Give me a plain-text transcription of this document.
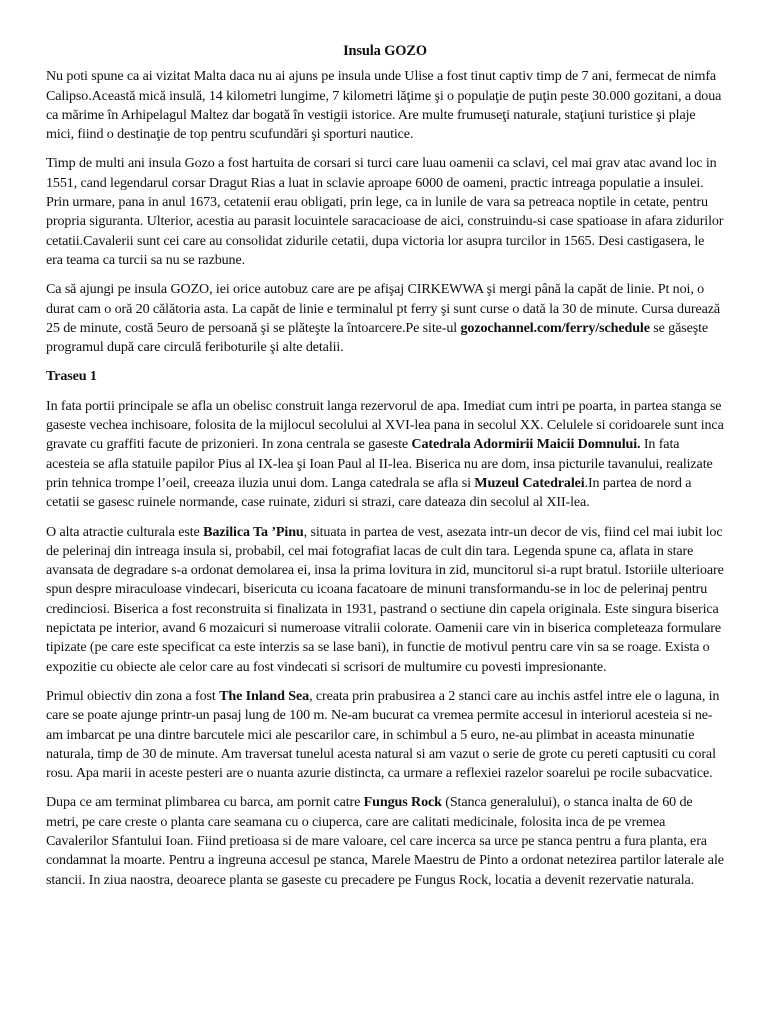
Insula GOZO

Nu poti spune ca ai vizitat Malta daca nu ai ajuns pe insula unde Ulise a fost tinut captiv timp de 7 ani, fermecat de nimfa Calipso.Această mică insulă, 14 kilometri lungime, 7 kilometri lăţime şi o populaţie de puţin peste 30.000 gozitani, a doua ca mărime în Arhipelagul Maltez dar bogată în vestigii istorice. Are multe frumuseţi naturale, staţiuni turistice şi plaje mici, fiind o destinaţie de top pentru scufundări şi sporturi nautice.

Timp de multi ani insula Gozo a fost hartuita de corsari si turci care luau oamenii ca sclavi, cel mai grav atac avand loc in 1551, cand legendarul corsar Dragut Rias a luat in sclavie aproape 6000 de oameni, practic intreaga populatie a insulei. Prin urmare, pana in anul 1673, cetatenii erau obligati, prin lege, ca in lunile de vara sa petreaca noptile in cetate, pentru propria siguranta. Ulterior, acestia au parasit locuintele saracacioase de aici, construindu-si case spatioase in afara zidurilor cetatii.Cavalerii sunt cei care au consolidat zidurile cetatii, dupa victoria lor asupra turcilor in 1565. Desi castigasera, le era teama ca turcii sa nu se razbune.

Ca să ajungi pe insula GOZO, iei orice autobuz care are pe afişaj CIRKEWWA şi mergi până la capăt de linie. Pt noi, o durat cam o oră 20 călătoria asta. La capăt de linie e terminalul pt ferry şi sunt curse o dată la 30 de minute. Cursa durează 25 de minute, costă 5euro de persoană şi se plăteşte la întoarcere.Pe site-ul gozochannel.com/ferry/schedule se găseşte programul după care circulă feriboturile şi alte detalii.

Traseu 1

In fata portii principale se afla un obelisc construit langa rezervorul de apa. Imediat cum intri pe poarta, in partea stanga se gaseste vechea inchisoare, folosita de la mijlocul secolului al XVI-lea pana in secolul XX. Celulele si coridoarele sunt inca gravate cu graffiti facute de prizonieri. In zona centrala se gaseste Catedrala Adormirii Maicii Domnului. In fata acesteia se afla statuile papilor Pius al IX-lea şi Ioan Paul al II-lea. Biserica nu are dom, insa picturile tavanului, realizate prin tehnica trompe l’oeil, creeaza iluzia unui dom. Langa catedrala se afla si Muzeul Catedralei.In partea de nord a cetatii se gasesc ruinele normande, case ruinate, ziduri si strazi, care dateaza din secolul al XII-lea.

O alta atractie culturala este Bazilica Ta ’Pinu, situata in partea de vest, asezata intr-un decor de vis, fiind cel mai iubit loc de pelerinaj din intreaga insula si, probabil, cel mai fotografiat lacas de cult din tara. Legenda spune ca, aflata in stare avansata de degradare s-a ordonat demolarea ei, insa la prima lovitura in zid, muncitorul si-a rupt bratul. Istoriile ulterioare spun despre miraculoase vindecari, bisericuta cu icoana facatoare de minuni transformandu-se in loc de pelerinaj pentru credinciosi. Biserica a fost reconstruita si finalizata in 1931, pastrand o sectiune din capela originala. Este singura biserica nepictata pe interior, avand 6 mozaicuri si numeroase vitralii colorate. Oamenii care vin in biserica completeaza formulare tipizate (pe care este specificat ca este interzis sa se lase bani), in functie de motivul pentru care vin sa se roage. Exista o expozitie cu obiecte ale celor care au fost vindecati si scrisori de multumire cu povesti impresionante.

Primul obiectiv din zona a fost The Inland Sea, creata prin prabusirea a 2 stanci care au inchis astfel intre ele o laguna, in care se poate ajunge printr-un pasaj lung de 100 m. Ne-am bucurat ca vremea permite accesul in interiorul acesteia si ne-am imbarcat pe una dintre barcutele mici ale pescarilor care, in schimbul a 5 euro, ne-au plimbat in aceasta minunatie naturala, timp de 30 de minute. Am traversat tunelul acesta natural si am vazut o serie de grote cu pereti captusiti cu coral rosu. Apa marii in aceste pesteri are o nuanta azurie distincta, ca urmare a reflexiei razelor soarelui pe rocile subacvatice.

Dupa ce am terminat plimbarea cu barca, am pornit catre Fungus Rock (Stanca generalului), o stanca inalta de 60 de metri, pe care creste o planta care seamana cu o ciuperca, care are calitati medicinale, folosita inca de pe vremea Cavalerilor Sfantului Ioan. Fiind pretioasa si de mare valoare, cel care incerca sa urce pe stanca pentru a fura planta, era condamnat la moarte. Pentru a ingreuna accesul pe stanca, Marele Maestru de Pinto a ordonat netezirea partilor laterale ale stancii. In ziua naostra, deoarece planta se gaseste cu precadere pe Fungus Rock, locatia a devenit rezervatie naturala.
